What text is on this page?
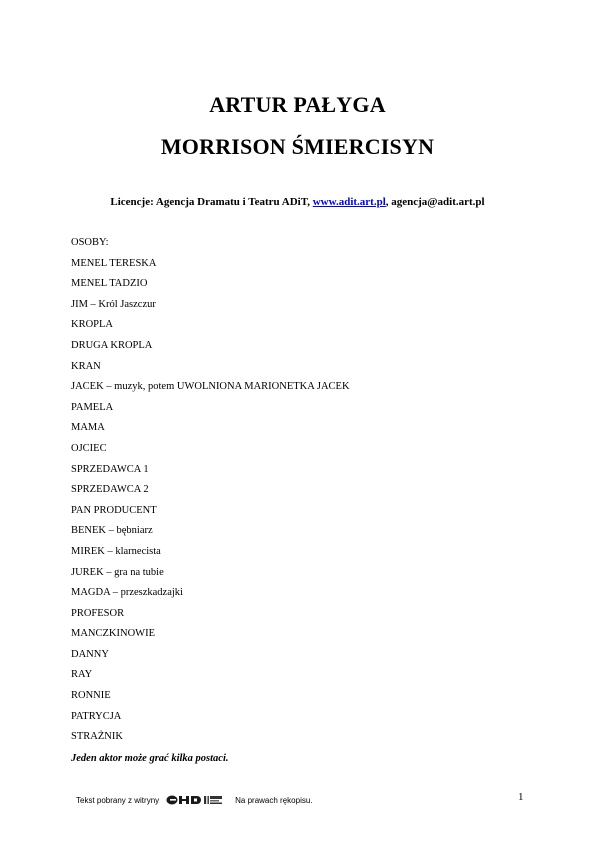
ARTUR PAŁYGA
MORRISON ŚMIERCISYN
Licencje: Agencja Dramatu i Teatru ADiT, www.adit.art.pl, agencja@adit.art.pl
OSOBY:
MENEL TERESKA
MENEL TADZIO
JIM – Król Jaszczur
KROPLA
DRUGA KROPLA
KRAN
JACEK – muzyk, potem UWOLNIONA MARIONETKA JACEK
PAMELA
MAMA
OJCIEC
SPRZEDAWCA 1
SPRZEDAWCA 2
PAN PRODUCENT
BENEK – bębniarz
MIREK – klarnecista
JUREK – gra na tubie
MAGDA – przeszkadzajki
PROFESOR
MANCZKINOWIE
DANNY
RAY
RONNIE
PATRYCJA
STRAŻNIK
Jeden aktor może grać kilka postaci.
Tekst pobrany z witryny	Na prawach rękopisu.	1
